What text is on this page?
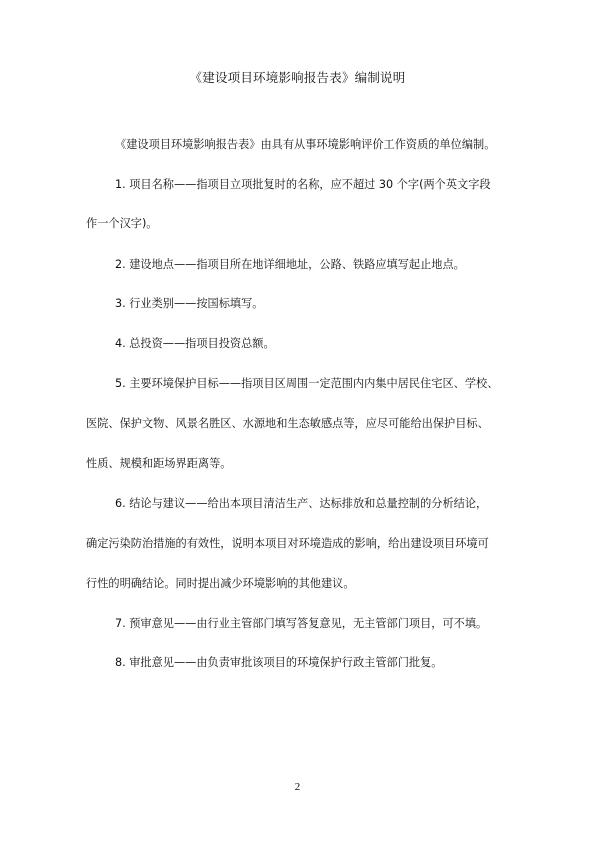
《建设项目环境影响报告表》编制说明
《建设项目环境影响报告表》由具有从事环境影响评价工作资质的单位编制。
1. 项目名称——指项目立项批复时的名称，应不超过 30 个字(两个英文字段
作一个汉字)。
2. 建设地点——指项目所在地详细地址，公路、铁路应填写起止地点。
3. 行业类别——按国标填写。
4. 总投资——指项目投资总额。
5. 主要环境保护目标——指项目区周围一定范围内内集中居民住宅区、学校、
医院、保护文物、风景名胜区、水源地和生态敏感点等，应尽可能给出保护目标、
性质、规模和距场界距离等。
6. 结论与建议——给出本项目清洁生产、达标排放和总量控制的分析结论，
确定污染防治措施的有效性，说明本项目对环境造成的影响，给出建设项目环境可
行性的明确结论。同时提出减少环境影响的其他建议。
7. 预审意见——由行业主管部门填写答复意见，无主管部门项目，可不填。
8. 审批意见——由负责审批该项目的环境保护行政主管部门批复。
2
